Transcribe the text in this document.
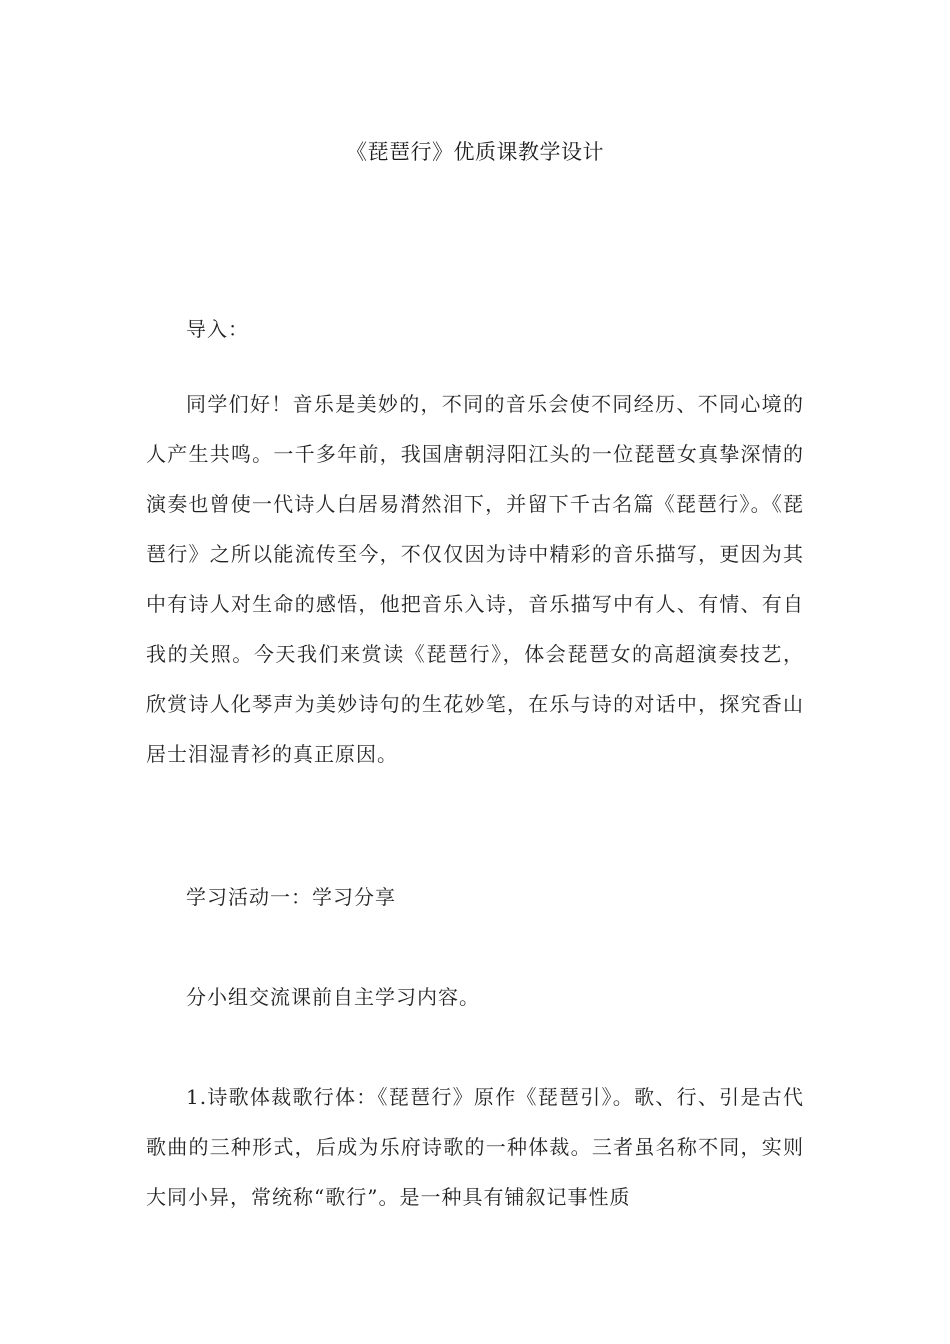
《琵琶行》优质课教学设计

导入：

同学们好！音乐是美妙的，不同的音乐会使不同经历、不同心境的人产生共鸣。一千多年前，我国唐朝浔阳江头的一位琵琶女真挚深情的演奏也曾使一代诗人白居易潸然泪下，并留下千古名篇《琵琶行》。《琵琶行》之所以能流传至今，不仅仅因为诗中精彩的音乐描写，更因为其中有诗人对生命的感悟，他把音乐入诗，音乐描写中有人、有情、有自我的关照。今天我们来赏读《琵琶行》，体会琵琶女的高超演奏技艺，欣赏诗人化琴声为美妙诗句的生花妙笔，在乐与诗的对话中，探究香山居士泪湿青衫的真正原因。

学习活动一：学习分享

分小组交流课前自主学习内容。

1.诗歌体裁歌行体：《琵琶行》原作《琵琶引》。歌、行、引是古代歌曲的三种形式，后成为乐府诗歌的一种体裁。三者虽名称不同，实则大同小异，常统称“歌行”。是一种具有铺叙记事性质
